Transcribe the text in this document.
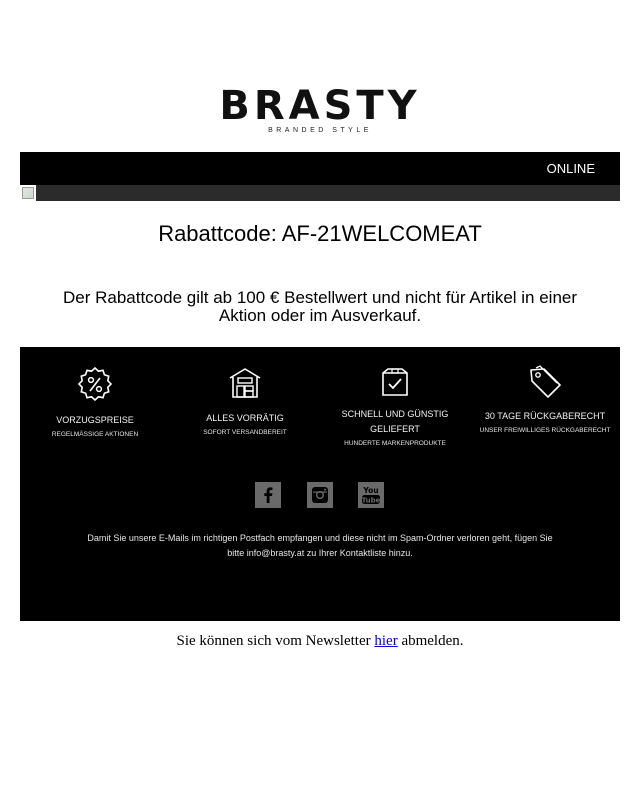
BRASTY
BRANDED STYLE
ONLINE
Rabattcode: AF-21WELCOMEAT
Der Rabattcode gilt ab 100 € Bestellwert und nicht für Artikel in einer Aktion oder im Ausverkauf.
VORZUGSPREISE
REGELMÄSSIGE AKTIONEN
ALLES VORRÄTIG
SOFORT VERSANDBEREIT
SCHNELL UND GÜNSTIG GELIEFERT
HUNDERTE MARKENPRODUKTE
30 TAGE RÜCKGABERECHT
UNSER FREIWILLIGES RÜCKGABERECHT
You
Tube
Damit Sie unsere E-Mails im richtigen Postfach empfangen und diese nicht im Spam-Ordner verloren geht, fügen Sie bitte info@brasty.at zu Ihrer Kontaktliste hinzu.
Sie können sich vom Newsletter hier abmelden.
